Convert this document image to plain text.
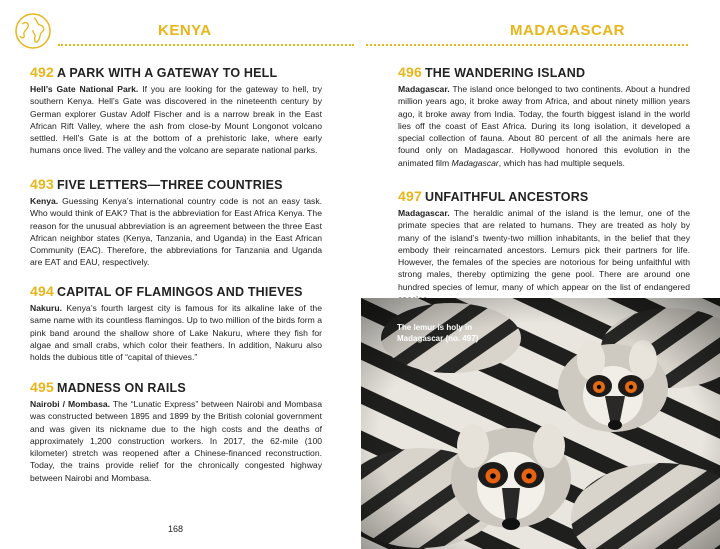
KENYA	MADAGASCAR
492 A PARK WITH A GATEWAY TO HELL

Hell’s Gate National Park. If you are looking for the gateway to hell, try southern Kenya. Hell’s Gate was discovered in the nineteenth century by German explorer Gustav Adolf Fischer and is a narrow break in the East African Rift Valley, where the ash from close-by Mount Longonot volcano settled. Hell’s Gate is at the bottom of a prehistoric lake, where early humans once lived. The valley and the volcano are separate national parks.

493 FIVE LETTERS—THREE COUNTRIES

Kenya. Guessing Kenya’s international country code is not an easy task. Who would think of EAK? That is the abbreviation for East Africa Kenya. The reason for the unusual abbreviation is an agreement between the three East African neighbor states (Kenya, Tanzania, and Uganda) in the East African Community (EAC). Therefore, the abbreviations for Tanzania and Uganda are EAT and EAU, respectively.

494 CAPITAL OF FLAMINGOS AND THIEVES

Nakuru. Kenya’s fourth largest city is famous for its alkaline lake of the same name with its countless flamingos. Up to two million of the birds form a pink band around the shallow shore of Lake Nakuru, where they fish for algae and small crabs, which color their feathers. In addition, Nakuru also holds the dubious title of “capital of thieves.”

495 MADNESS ON RAILS

Nairobi / Mombasa. The “Lunatic Express” between Nairobi and Mombasa was constructed between 1895 and 1899 by the British colonial government and was given its nickname due to the high costs and the deaths of approximately 1,200 construction workers. In 2017, the 62-mile (100 kilometer) stretch was reopened after a Chinese-financed reconstruction. Today, the trains provide relief for the chronically congested highway between Nairobi and Mombasa.

168
496 THE WANDERING ISLAND

Madagascar. The island once belonged to two continents. About a hundred million years ago, it broke away from Africa, and about ninety million years ago, it broke away from India. Today, the fourth biggest island in the world lies off the coast of East Africa. During its long isolation, it developed a special collection of fauna. About 80 percent of all the animals here are found only on Madagascar. Hollywood honored this evolution in the animated film Madagascar, which has had multiple sequels.

497 UNFAITHFUL ANCESTORS

Madagascar. The heraldic animal of the island is the lemur, one of the primate species that are related to humans. They are treated as holy by many of the island’s twenty-two million inhabitants, in the belief that they embody their reincarnated ancestors. Lemurs pick their partners for life. However, the females of the species are notorious for being unfaithful with strong males, thereby optimizing the gene pool. There are around one hundred species of lemur, many of which appear on the list of endangered

The lemur is holy in Madagascar (no. 497)
